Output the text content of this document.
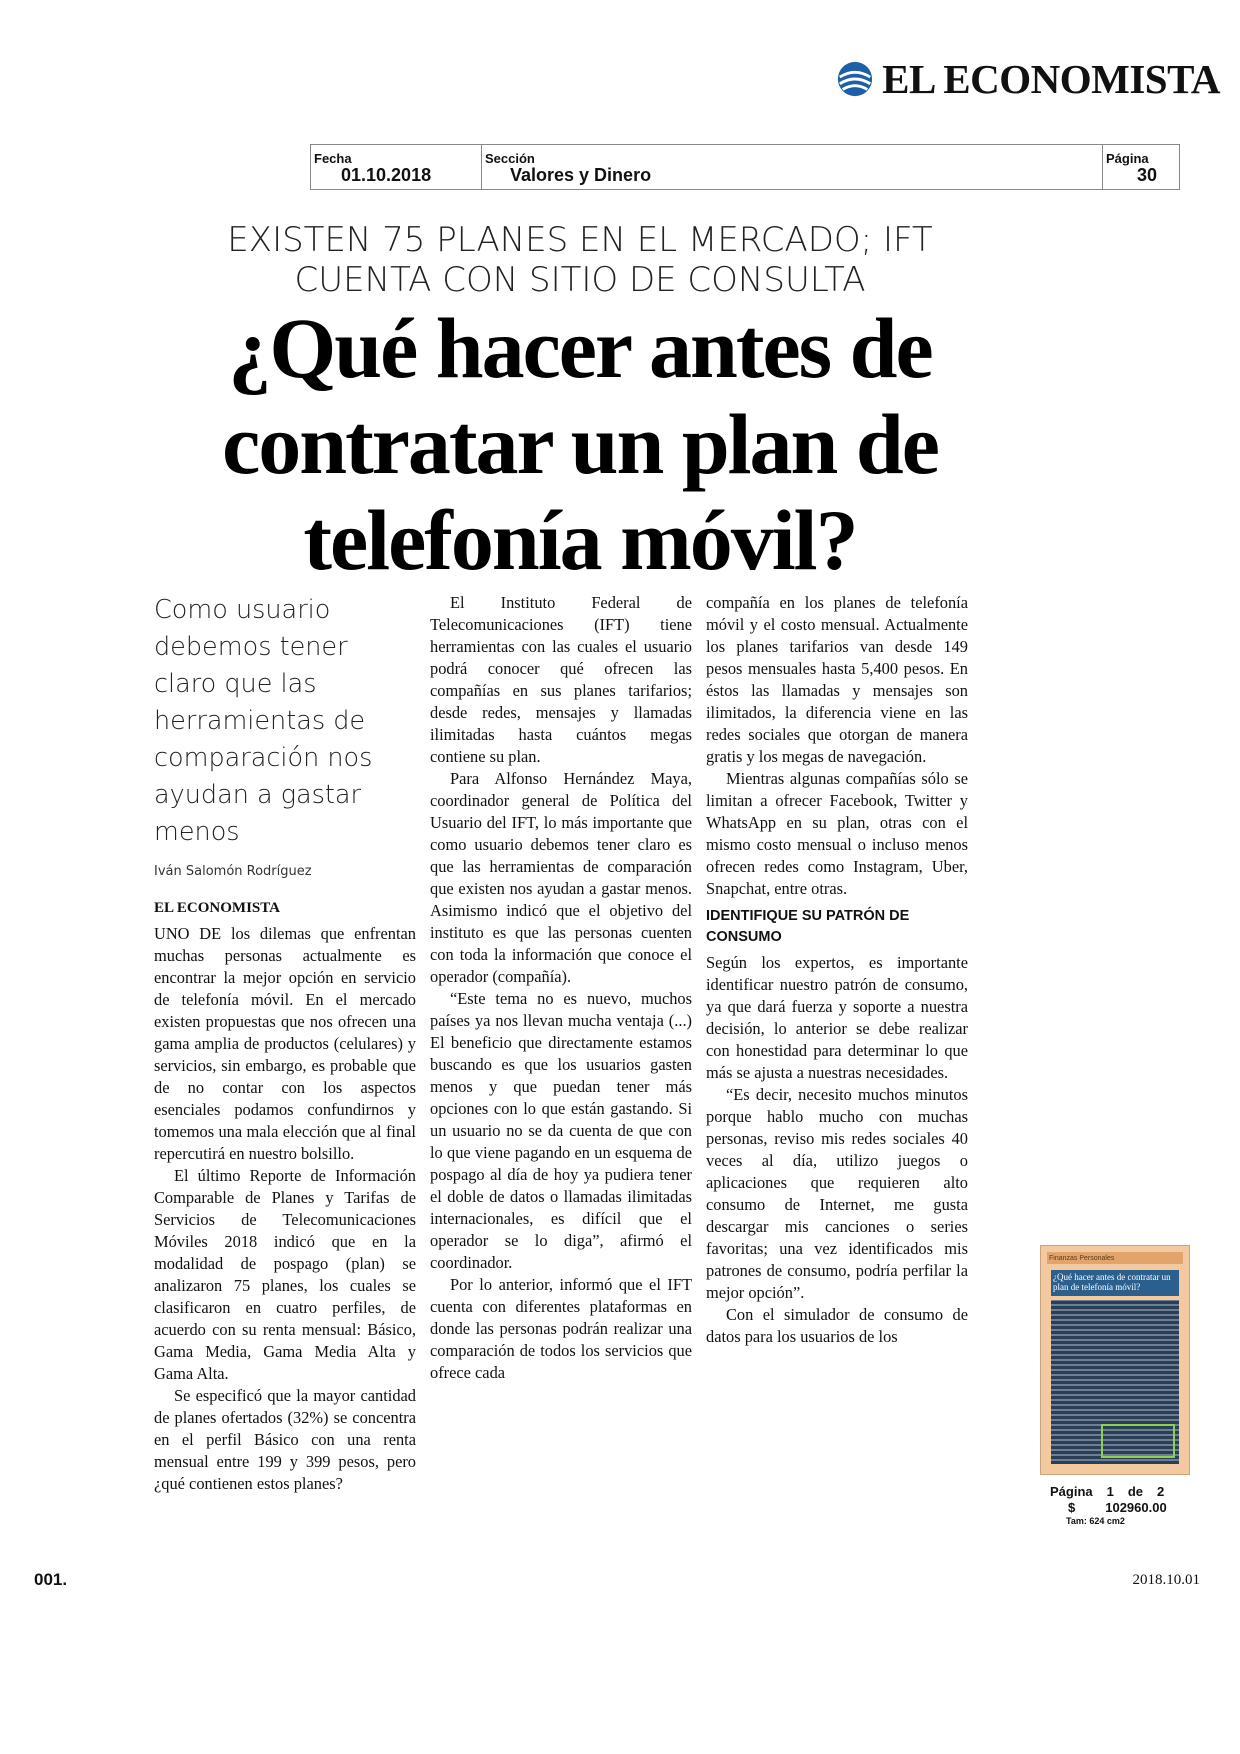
EL ECONOMISTA
Fecha
01.10.2018
Sección
Valores y Dinero
Página
30
EXISTEN 75 PLANES EN EL MERCADO; IFT CUENTA CON SITIO DE CONSULTA
¿Qué hacer antes de contratar un plan de telefonía móvil?
Como usuario debemos tener claro que las herramientas de comparación nos ayudan a gastar menos
Iván Salomón Rodríguez
EL ECONOMISTA

UNO DE los dilemas que enfrentan muchas personas actualmente es encontrar la mejor opción en servicio de telefonía móvil. En el mercado existen propuestas que nos ofrecen una gama amplia de productos (celulares) y servicios, sin embargo, es probable que de no contar con los aspectos esenciales podamos confundirnos y tomemos una mala elección que al final repercutirá en nuestro bolsillo.

El último Reporte de Información Comparable de Planes y Tarifas de Servicios de Telecomunicaciones Móviles 2018 indicó que en la modalidad de pospago (plan) se analizaron 75 planes, los cuales se clasificaron en cuatro perfiles, de acuerdo con su renta mensual: Básico, Gama Media, Gama Media Alta y Gama Alta.

Se especificó que la mayor cantidad de planes ofertados (32%) se concentra en el perfil Básico con una renta mensual entre 199 y 399 pesos, pero ¿qué contienen estos planes?

El Instituto Federal de Telecomunicaciones (IFT) tiene herramientas con las cuales el usuario podrá conocer qué ofrecen las compañías en sus planes tarifarios; desde redes, mensajes y llamadas ilimitadas hasta cuántos megas contiene su plan.

Para Alfonso Hernández Maya, coordinador general de Política del Usuario del IFT, lo más importante que como usuario debemos tener claro es que las herramientas de comparación que existen nos ayudan a gastar menos. Asimismo indicó que el objetivo del instituto es que las personas cuenten con toda la información que conoce el operador (compañía).

“Este tema no es nuevo, muchos países ya nos llevan mucha ventaja (...) El beneficio que directamente estamos buscando es que los usuarios gasten menos y que puedan tener más opciones con lo que están gastando. Si un usuario no se da cuenta de que con lo que viene pagando en un esquema de pospago al día de hoy ya pudiera tener el doble de datos o llamadas ilimitadas internacionales, es difícil que el operador se lo diga”, afirmó el coordinador.

Por lo anterior, informó que el IFT cuenta con diferentes plataformas en donde las personas podrán realizar una comparación de todos los servicios que ofrece cada

compañía en los planes de telefonía móvil y el costo mensual. Actualmente los planes tarifarios van desde 149 pesos mensuales hasta 5,400 pesos. En éstos las llamadas y mensajes son ilimitados, la diferencia viene en las redes sociales que otorgan de manera gratis y los megas de navegación.

Mientras algunas compañías sólo se limitan a ofrecer Facebook, Twitter y WhatsApp en su plan, otras con el mismo costo mensual o incluso menos ofrecen redes como Instagram, Uber, Snapchat, entre otras.

IDENTIFIQUE SU PATRÓN DE CONSUMO

Según los expertos, es importante identificar nuestro patrón de consumo, ya que dará fuerza y soporte a nuestra decisión, lo anterior se debe realizar con honestidad para determinar lo que más se ajusta a nuestras necesidades.

“Es decir, necesito muchos minutos porque hablo mucho con muchas personas, reviso mis redes sociales 40 veces al día, utilizo juegos o aplicaciones que requieren alto consumo de Internet, me gusta descargar mis canciones o series favoritas; una vez identificados mis patrones de consumo, podría perfilar la mejor opción”.

Con el simulador de consumo de datos para los usuarios de los

Finanzas Personales
¿Qué hacer antes de contratar un plan de telefonía móvil?
Página 1 de 2
$ 102960.00
Tam: 624 cm2
001.	2018.10.01
